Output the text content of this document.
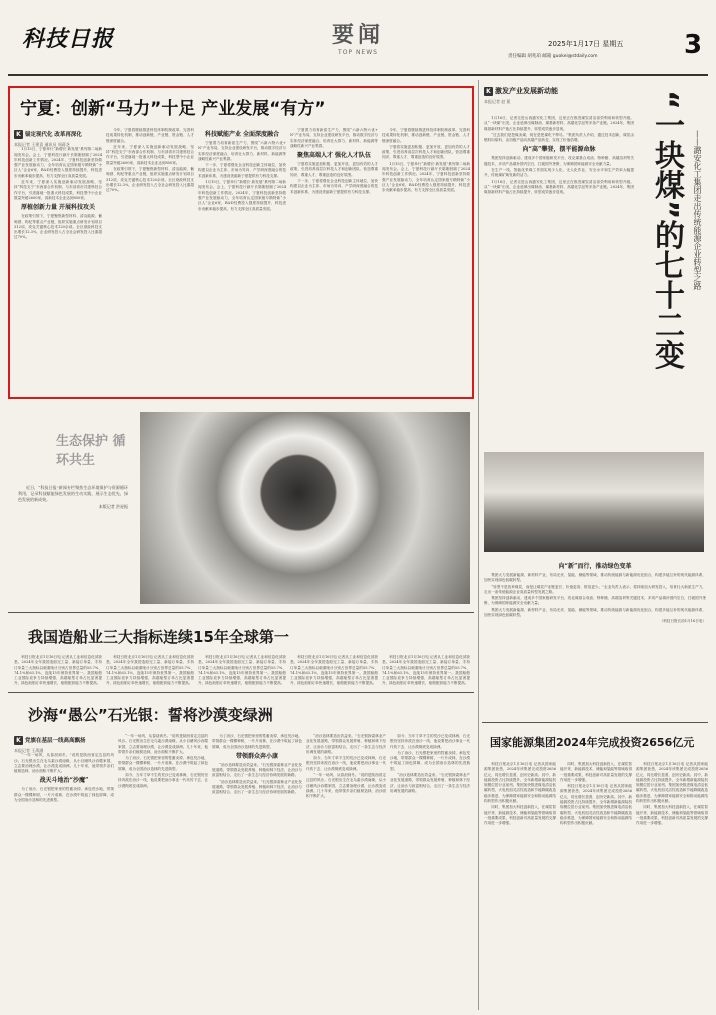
科技日报	要闻
TOP NEWS
2025年1月17日 星期五
责任编辑 胡兆珀 邮箱 guokei@stdaily.com	3
宁夏：创新“马力”十足 产业发展“有方”
K 锚定现代化 改革再深化
本报记者 王建喜 通讯员 周蒋芝

1月15日，宁夏举行“新增长·新发展”系列第二场新闻发布会。会上，宁夏科技厅副厅长陈刚回顾了2024年科技创新工作情况。2024年，宁夏科技创新坚持做强产业发展驱动力，全年培育认定国家级专精特新“小巨人”企业6家，R&D经费投入强度持续提升，科技进步贡献率稳步提高，有力支撑全区高质量发展。

近年来，宁夏深入实施创新驱动发展战略，坚持“科技支宁”东西部合作机制，与东部省市共建科技合作平台，引进落地一批重大科技成果，科技型中小企业数量突破2600家，高新技术企业达到850家。

厚植创新力量 开展科技攻关

在政策引领下，宁夏聚焦新型材料、清洁能源、葡萄酒、枸杞等重点产业链，组织实施重点研发计划项目312项，攻克关键核心技术120余项。全区财政科技支出增长12.3%，企业研发投入占全社会研发投入比重超过70%。

今年，宁夏将继续推进科技体制机制改革，完善科技成果转化机制，推动创新链、产业链、资金链、人才链深度融合。

近年来，宁夏深入实施创新驱动发展战略，坚持“科技支宁”东西部合作机制，与东部省市共建科技合作平台，引进落地一批重大科技成果，科技型中小企业数量突破2600家，高新技术企业达到850家。

在政策引领下，宁夏聚焦新型材料、清洁能源、葡萄酒、枸杞等重点产业链，组织实施重点研发计划项目312项，攻克关键核心技术120余项。全区财政科技支出增长12.3%，企业研发投入占全社会研发投入比重超过70%。

科技赋能产业 全面深度融合

宁夏着力培育新质生产力，围绕“六新六特六优+N”产业布局，支持企业建设研发平台，推动数字经济与实体经济深度融合，培育壮大算力、新材料、新能源等战略性新兴产业集群。

下一步，宁夏将强化企业科技创新主体地位，加快构建以企业为主体、市场为导向、产学研深度融合的技术创新体系，为建设美丽新宁夏提供有力科技支撑。

1月15日，宁夏举行“新增长·新发展”系列第二场新闻发布会。会上，宁夏科技厅副厅长陈刚回顾了2024年科技创新工作情况。2024年，宁夏科技创新坚持做强产业发展驱动力，全年培育认定国家级专精特新“小巨人”企业6家，R&D经费投入强度持续提升，科技进步贡献率稳步提高，有力支撑全区高质量发展。

宁夏着力培育新质生产力，围绕“六新六特六优+N”产业布局，支持企业建设研发平台，推动数字经济与实体经济深度融合，培育壮大算力、新材料、新能源等战略性新兴产业集群。

聚焦高端人才 强化人才队伍

宁夏将实施更加积极、更加开放、更加有效的人才政策，引进培养高层次科技人才和创新团队，营造尊重知识、尊重人才、尊重创造的良好氛围。

下一步，宁夏将强化企业科技创新主体地位，加快构建以企业为主体、市场为导向、产学研深度融合的技术创新体系，为建设美丽新宁夏提供有力科技支撑。

今年，宁夏将继续推进科技体制机制改革，完善科技成果转化机制，推动创新链、产业链、资金链、人才链深度融合。

宁夏将实施更加积极、更加开放、更加有效的人才政策，引进培养高层次科技人才和创新团队，营造尊重知识、尊重人才、尊重创造的良好氛围。

1月15日，宁夏举行“新增长·新发展”系列第二场新闻发布会。会上，宁夏科技厅副厅长陈刚回顾了2024年科技创新工作情况。2024年，宁夏科技创新坚持做强产业发展驱动力，全年培育认定国家级专精特新“小巨人”企业6家，R&D经费投入强度持续提升，科技进步贡献率稳步提高，有力支撑全区高质量发展。

生态保护 循环共生

近日，“科技日报”新闻专栏聚焦生态环境保护与资源循环利用，记录科技赋能绿色发展的生动实践，展示生态优先、绿色发展的新成效。

本版记者 洪星振
我国造船业三大指标连续15年全球第一

科技日报北京1月16日电 记者从工业和信息化部获悉，2024年全年我国造船完工量、新接订单量、手持订单量三大指标以载重吨计分别占世界总量的55.7%、74.1%和63.1%，连续15年保持世界第一。我国船舶工业国际竞争力持续增强，高端船型订单占比显著提升，绿色船舶订单快速增长，船舶配套能力不断提高。

科技日报北京1月16日电 记者从工业和信息化部获悉，2024年全年我国造船完工量、新接订单量、手持订单量三大指标以载重吨计分别占世界总量的55.7%、74.1%和63.1%，连续15年保持世界第一。我国船舶工业国际竞争力持续增强，高端船型订单占比显著提升，绿色船舶订单快速增长，船舶配套能力不断提高。

科技日报北京1月16日电 记者从工业和信息化部获悉，2024年全年我国造船完工量、新接订单量、手持订单量三大指标以载重吨计分别占世界总量的55.7%、74.1%和63.1%，连续15年保持世界第一。我国船舶工业国际竞争力持续增强，高端船型订单占比显著提升，绿色船舶订单快速增长，船舶配套能力不断提高。

科技日报北京1月16日电 记者从工业和信息化部获悉，2024年全年我国造船完工量、新接订单量、手持订单量三大指标以载重吨计分别占世界总量的55.7%、74.1%和63.1%，连续15年保持世界第一。我国船舶工业国际竞争力持续增强，高端船型订单占比显著提升，绿色船舶订单快速增长，船舶配套能力不断提高。

科技日报北京1月16日电 记者从工业和信息化部获悉，2024年全年我国造船完工量、新接订单量、手持订单量三大指标以载重吨计分别占世界总量的55.7%、74.1%和63.1%，连续15年保持世界第一。我国船舶工业国际竞争力持续增强，高端船型订单占比显著提升，绿色船舶订单快速增长，船舶配套能力不断提高。

沙海“愚公”石光银：誓将沙漠变绿洲
K 党旗在基层一线高高飘扬
本报记者 王禹涵

“一年一场风，从春刮到冬。”说的是陕西省定边县的风沙。石光银出生在毛乌素沙漠南缘，从小目睹风沙吞噬家园，立志要治理沙漠，让沙漠变成绿洲。几十年来，他带领乡亲们植树造林，治沙面积不断扩大。

战天斗地治“沙魔”

为了治沙，石光银把家里的牲畜卖掉，承包荒沙地，带领群众一棵棵种树，一片片成林，在沙漠中筑起了绿色屏障，成为全国治沙造林的先进典型。

“一年一场风，从春刮到冬。”说的是陕西省定边县的风沙。石光银出生在毛乌素沙漠南缘，从小目睹风沙吞噬家园，立志要治理沙漠，让沙漠变成绿洲。几十年来，他带领乡亲们植树造林，治沙面积不断扩大。

为了治沙，石光银把家里的牲畜卖掉，承包荒沙地，带领群众一棵棵种树，一片片成林，在沙漠中筑起了绿色屏障，成为全国治沙造林的先进典型。

如今，当年寸草不生的荒沙已变成林海，石光银仍坚持奔波在治沙一线，他说要把治沙事业一代代传下去，让沙漠彻底变成绿洲。

为了治沙，石光银把家里的牲畜卖掉，承包荒沙地，带领群众一棵棵种树，一片片成林，在沙漠中筑起了绿色屏障，成为全国治沙造林的先进典型。

带领群众奔小康

“治沙造林要造出效益来。”石光银探索林业产业化发展道路，带领群众发展养殖、种植和林下经济，让治沙与致富相结合，走出了一条生态与经济协调发展的新路。

“治沙造林要造出效益来。”石光银探索林业产业化发展道路，带领群众发展养殖、种植和林下经济，让治沙与致富相结合，走出了一条生态与经济协调发展的新路。

“治沙造林要造出效益来。”石光银探索林业产业化发展道路，带领群众发展养殖、种植和林下经济，让治沙与致富相结合，走出了一条生态与经济协调发展的新路。

如今，当年寸草不生的荒沙已变成林海，石光银仍坚持奔波在治沙一线，他说要把治沙事业一代代传下去，让沙漠彻底变成绿洲。

“一年一场风，从春刮到冬。”说的是陕西省定边县的风沙。石光银出生在毛乌素沙漠南缘，从小目睹风沙吞噬家园，立志要治理沙漠，让沙漠变成绿洲。几十年来，他带领乡亲们植树造林，治沙面积不断扩大。

如今，当年寸草不生的荒沙已变成林海，石光银仍坚持奔波在治沙一线，他说要把治沙事业一代代传下去，让沙漠彻底变成绿洲。

为了治沙，石光银把家里的牲畜卖掉，承包荒沙地，带领群众一棵棵种树，一片片成林，在沙漠中筑起了绿色屏障，成为全国治沙造林的先进典型。

“治沙造林要造出效益来。”石光银探索林业产业化发展道路，带领群众发展养殖、种植和林下经济，让治沙与致富相结合，走出了一条生态与经济协调发展的新路。

K 激发产业发展新动能
本报记者 赵 蕉	“一块煤”的七十二变	——潞安化工集团走出传统能源企业转型之路

1月16日，记者走进山西潞安化工集团，这里正在推进煤炭清洁高效利用和转型升级。从“一块煤”出发，企业延伸出煤制油、煤基新材料、高端化学品等多条产业链。2024年，集团煤基新材料产值占比持续提升，转型成效逐步显现。

“过去我们是挖煤卖煤，现在是把煤吃干榨尽。”集团负责人介绍，通过技术创新，煤炭由燃料向原料、由初级产品向高端产品转变，实现了价值倍增。

向“高”攀登，摆平能源命脉

集团坚持创新驱动，建成多个国家级研发平台，攻克煤基合成油、特种蜡、高端溶剂等关键技术，多项产品填补国内空白，打破国外垄断，为保障国家能源安全贡献力量。

在生产一线，智能化采煤工作面实现少人化、无人化作业，安全水平和生产效率大幅提升，传统煤矿焕发新的活力。

1月16日，记者走进山西潞安化工集团，这里正在推进煤炭清洁高效利用和转型升级。从“一块煤”出发，企业延伸出煤制油、煤基新材料、高端化学品等多条产业链。2024年，集团煤基新材料产值占比持续提升，转型成效逐步显现。

向“新”而行，推动绿色变革

集团大力发展新能源、新材料产业，布局光伏、氢能、储能等领域，推动传统能源与新能源优化组合，构建多能互补的现代能源体系，加快实现绿色低碳转型。

“转型不是放弃煤炭，而是让煤炭产业链更长、价值更高、排放更少。”企业负责人表示，将持续加大研发投入，培育壮大新质生产力，走出一条传统能源企业高质量转型发展之路。

集团坚持创新驱动，建成多个国家级研发平台，攻克煤基合成油、特种蜡、高端溶剂等关键技术，多项产品填补国内空白，打破国外垄断，为保障国家能源安全贡献力量。

集团大力发展新能源、新材料产业，布局光伏、氢能、储能等领域，推动传统能源与新能源优化组合，构建多能互补的现代能源体系，加快实现绿色低碳转型。

（科技日报长治1月16日电）
国家能源集团2024年完成投资2656亿元

科技日报北京1月16日电 记者从国家能源集团获悉，2024年该集团完成投资2656亿元，同比增长显著，创历史新高。其中，新能源投资占比持续提升，全年新增新能源装机规模位居行业前列。集团加快推进煤电清洁低碳转型，火电机组灵活性改造和节能降碳改造稳步推进，为保障国家能源安全和推动能源结构转型作出积极贡献。

同时，集团加大科技创新投入，在煤炭智能开采、新能源技术、储能和氢能等领域取得一批重要成果，科技创新对高质量发展的支撑作用进一步增强。

同时，集团加大科技创新投入，在煤炭智能开采、新能源技术、储能和氢能等领域取得一批重要成果，科技创新对高质量发展的支撑作用进一步增强。

科技日报北京1月16日电 记者从国家能源集团获悉，2024年该集团完成投资2656亿元，同比增长显著，创历史新高。其中，新能源投资占比持续提升，全年新增新能源装机规模位居行业前列。集团加快推进煤电清洁低碳转型，火电机组灵活性改造和节能降碳改造稳步推进，为保障国家能源安全和推动能源结构转型作出积极贡献。

科技日报北京1月16日电 记者从国家能源集团获悉，2024年该集团完成投资2656亿元，同比增长显著，创历史新高。其中，新能源投资占比持续提升，全年新增新能源装机规模位居行业前列。集团加快推进煤电清洁低碳转型，火电机组灵活性改造和节能降碳改造稳步推进，为保障国家能源安全和推动能源结构转型作出积极贡献。

同时，集团加大科技创新投入，在煤炭智能开采、新能源技术、储能和氢能等领域取得一批重要成果，科技创新对高质量发展的支撑作用进一步增强。
